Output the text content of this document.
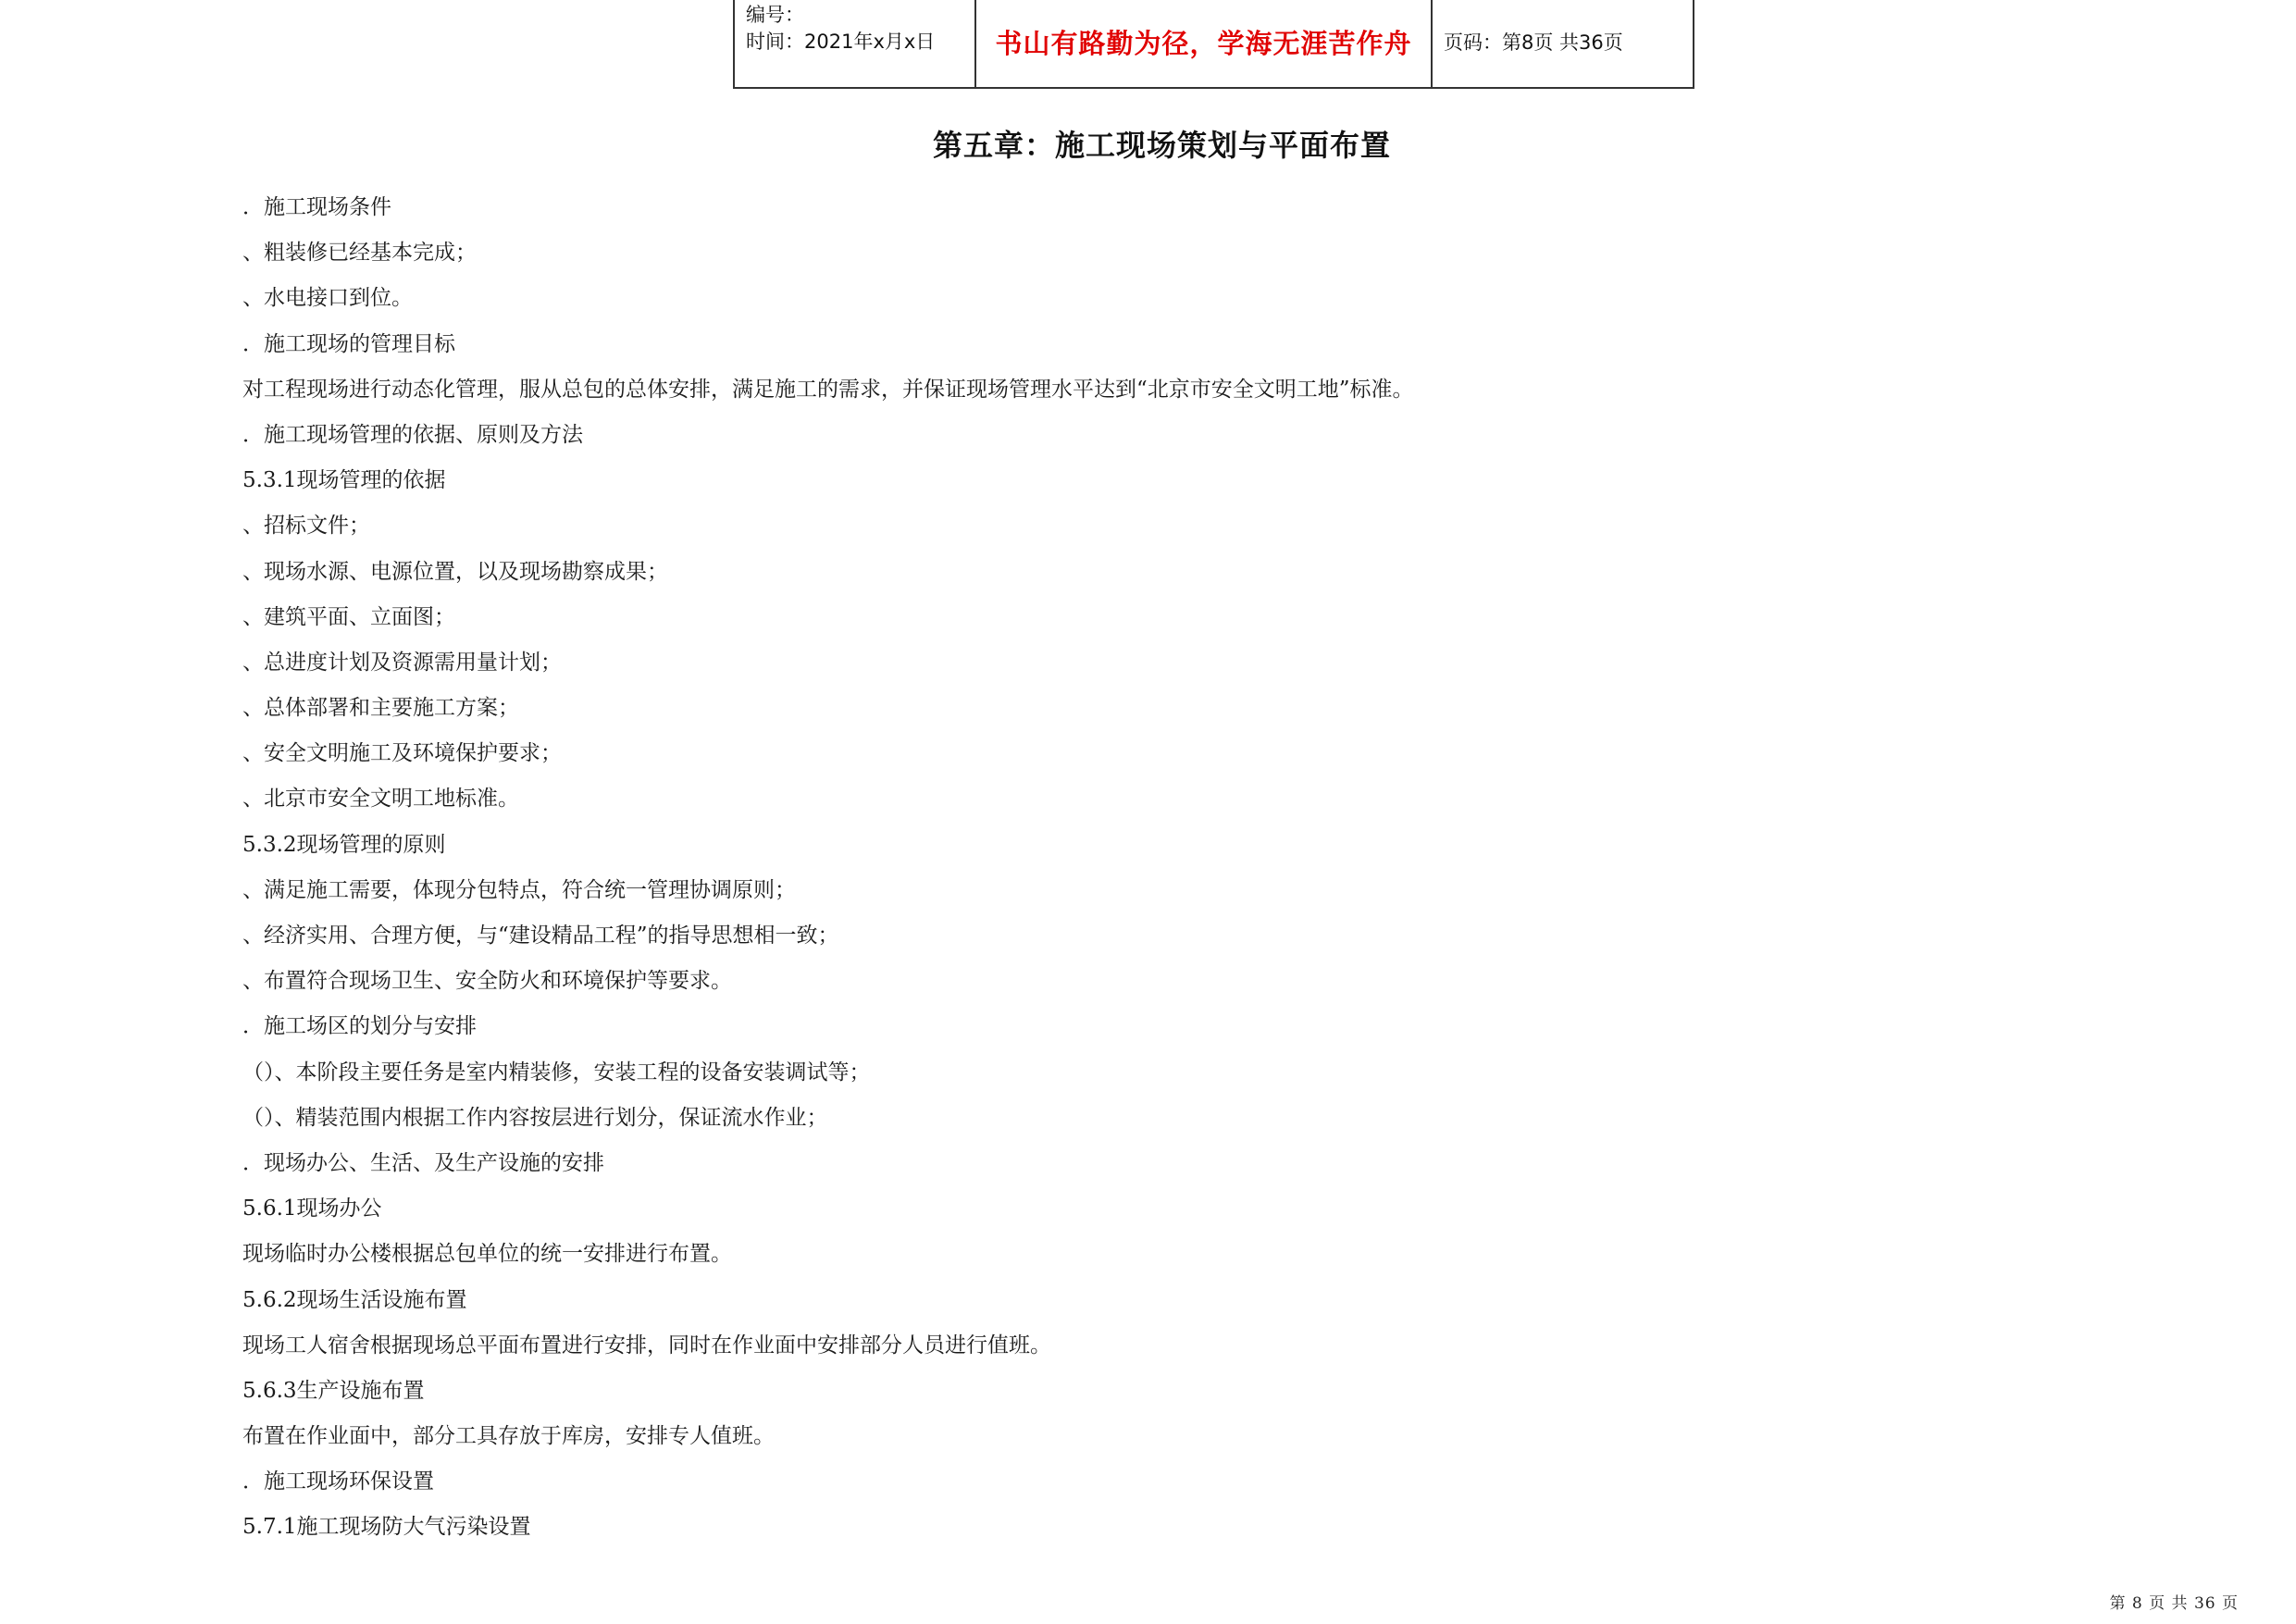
编号：
时间：2021年x月x日	书山有路勤为径，学海无涯苦作舟 页码：第8页 共36页
第五章：施工现场策划与平面布置
．施工现场条件
、粗装修已经基本完成；
、水电接口到位。
．施工现场的管理目标
对工程现场进行动态化管理，服从总包的总体安排，满足施工的需求，并保证现场管理水平达到“北京市安全文明工地”标准。
．施工现场管理的依据、原则及方法
5.3.1现场管理的依据
、招标文件；
、现场水源、电源位置，以及现场勘察成果；
、建筑平面、立面图；
、总进度计划及资源需用量计划；
、总体部署和主要施工方案；
、安全文明施工及环境保护要求；
、北京市安全文明工地标准。
5.3.2现场管理的原则
、满足施工需要，体现分包特点，符合统一管理协调原则；
、经济实用、合理方便，与“建设精品工程”的指导思想相一致；
、布置符合现场卫生、安全防火和环境保护等要求。
．施工场区的划分与安排
（）、本阶段主要任务是室内精装修，安装工程的设备安装调试等；
（）、精装范围内根据工作内容按层进行划分，保证流水作业；
．现场办公、生活、及生产设施的安排
5.6.1现场办公
现场临时办公楼根据总包单位的统一安排进行布置。
5.6.2现场生活设施布置
现场工人宿舍根据现场总平面布置进行安排，同时在作业面中安排部分人员进行值班。
5.6.3生产设施布置
布置在作业面中，部分工具存放于库房，安排专人值班。
．施工现场环保设置
5.7.1施工现场防大气污染设置
第 8 页 共 36 页
